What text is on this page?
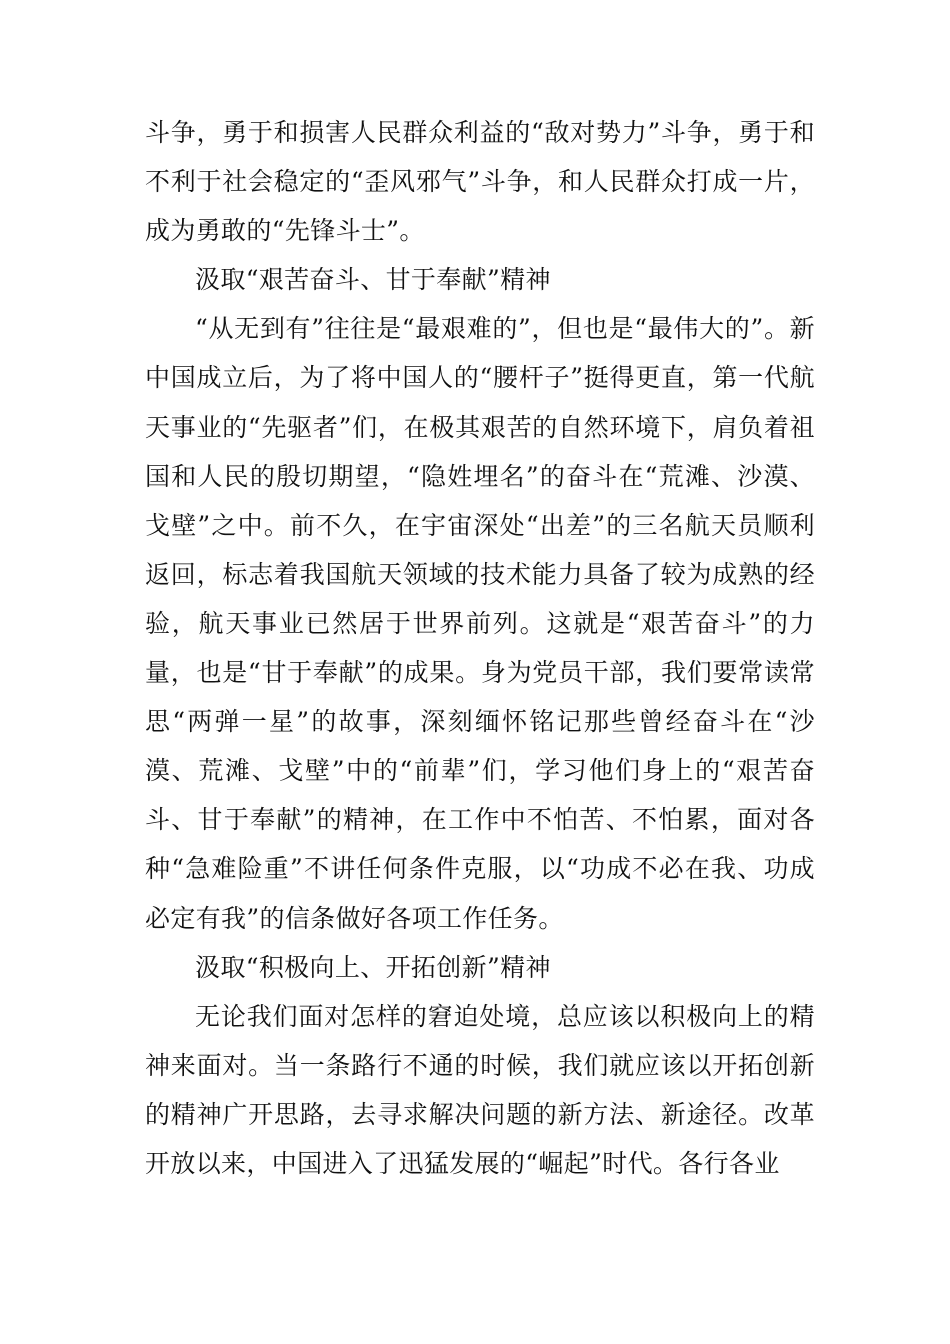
斗争，勇于和损害人民群众利益的“敌对势力”斗争，勇于和不利于社会稳定的“歪风邪气”斗争，和人民群众打成一片，成为勇敢的“先锋斗士”。

汲取“艰苦奋斗、甘于奉献”精神

“从无到有”往往是“最艰难的”，但也是“最伟大的”。新中国成立后，为了将中国人的“腰杆子”挺得更直，第一代航天事业的“先驱者”们，在极其艰苦的自然环境下，肩负着祖国和人民的殷切期望，“隐姓埋名”的奋斗在“荒滩、沙漠、戈壁”之中。前不久，在宇宙深处“出差”的三名航天员顺利返回，标志着我国航天领域的技术能力具备了较为成熟的经验，航天事业已然居于世界前列。这就是“艰苦奋斗”的力量，也是“甘于奉献”的成果。身为党员干部，我们要常读常思“两弹一星”的故事，深刻缅怀铭记那些曾经奋斗在“沙漠、荒滩、戈壁”中的“前辈”们，学习他们身上的“艰苦奋斗、甘于奉献”的精神，在工作中不怕苦、不怕累，面对各种“急难险重”不讲任何条件克服，以“功成不必在我、功成必定有我”的信条做好各项工作任务。

汲取“积极向上、开拓创新”精神

无论我们面对怎样的窘迫处境，总应该以积极向上的精神来面对。当一条路行不通的时候，我们就应该以开拓创新的精神广开思路，去寻求解决问题的新方法、新途径。改革开放以来，中国进入了迅猛发展的“崛起”时代。各行各业
